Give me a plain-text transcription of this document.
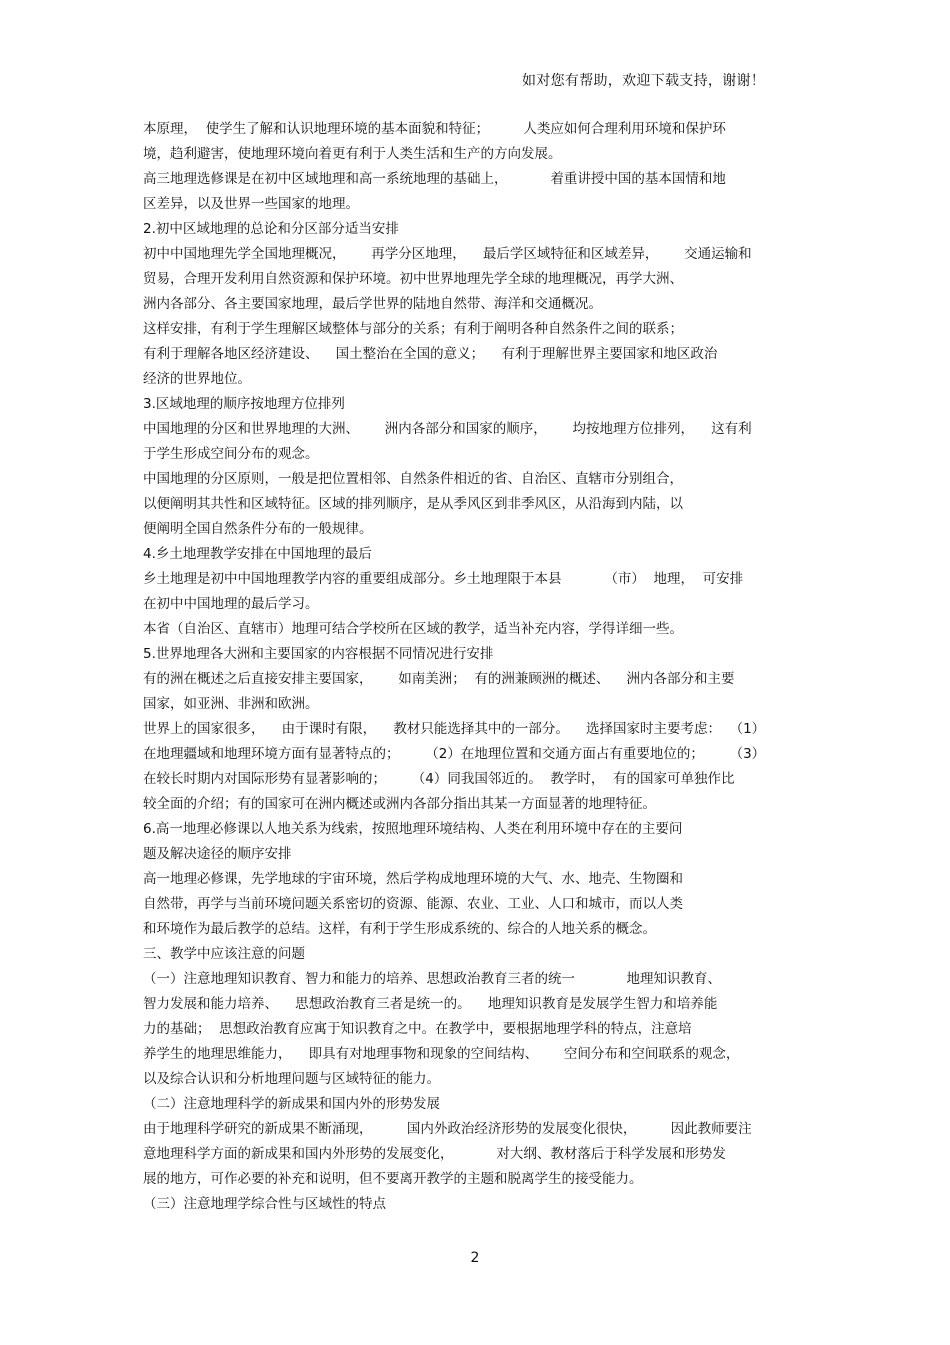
如对您有帮助，欢迎下载支持，谢谢！
本原理，  使学生了解和认识地理环境的基本面貌和特征；        人类应如何合理利用环境和保护环
境，趋利避害，使地理环境向着更有利于人类生活和生产的方向发展。
高三地理选修课是在初中区域地理和高一系统地理的基础上，          着重讲授中国的基本国情和地
区差异，以及世界一些国家的地理。
2.初中区域地理的总论和分区部分适当安排
初中中国地理先学全国地理概况，      再学分区地理，    最后学区域特征和区域差异，      交通运输和
贸易，合理开发利用自然资源和保护环境。初中世界地理先学全球的地理概况，再学大洲、
洲内各部分、各主要国家地理，最后学世界的陆地自然带、海洋和交通概况。
这样安排，有利于学生理解区域整体与部分的关系；有利于阐明各种自然条件之间的联系；
有利于理解各地区经济建设、    国土整治在全国的意义；    有利于理解世界主要国家和地区政治
经济的世界地位。
3.区域地理的顺序按地理方位排列
中国地理的分区和世界地理的大洲、      洲内各部分和国家的顺序，      均按地理方位排列，    这有利
于学生形成空间分布的观念。
中国地理的分区原则，一般是把位置相邻、自然条件相近的省、自治区、直辖市分别组合，
以便阐明其共性和区域特征。区域的排列顺序，是从季风区到非季风区，从沿海到内陆，以
便阐明全国自然条件分布的一般规律。
4.乡土地理教学安排在中国地理的最后
乡土地理是初中中国地理教学内容的重要组成部分。乡土地理限于本县          （市）  地理，  可安排
在初中中国地理的最后学习。
本省（自治区、直辖市）地理可结合学校所在区域的教学，适当补充内容，学得详细一些。
5.世界地理各大洲和主要国家的内容根据不同情况进行安排
有的洲在概述之后直接安排主要国家，      如南美洲；  有的洲兼顾洲的概述、    洲内各部分和主要
国家，如亚洲、非洲和欧洲。
世界上的国家很多，    由于课时有限，    教材只能选择其中的一部分。    选择国家时主要考虑：  （1）
在地理疆域和地理环境方面有显著特点的；      （2）在地理位置和交通方面占有重要地位的；      （3）
在较长时期内对国际形势有显著影响的；      （4）同我国邻近的。  教学时，  有的国家可单独作比
较全面的介绍；有的国家可在洲内概述或洲内各部分指出其某一方面显著的地理特征。
6.高一地理必修课以人地关系为线索，按照地理环境结构、人类在利用环境中存在的主要问
题及解决途径的顺序安排
高一地理必修课，先学地球的宇宙环境，然后学构成地理环境的大气、水、地壳、生物圈和
自然带，再学与当前环境问题关系密切的资源、能源、农业、工业、人口和城市，而以人类
和环境作为最后教学的总结。这样，有利于学生形成系统的、综合的人地关系的概念。
三、教学中应该注意的问题
（一）注意地理知识教育、智力和能力的培养、思想政治教育三者的统一            地理知识教育、
智力发展和能力培养、    思想政治教育三者是统一的。    地理知识教育是发展学生智力和培养能
力的基础；  思想政治教育应寓于知识教育之中。在教学中，要根据地理学科的特点，注意培
养学生的地理思维能力，    即具有对地理事物和现象的空间结构、      空间分布和空间联系的观念，
以及综合认识和分析地理问题与区域特征的能力。
（二）注意地理科学的新成果和国内外的形势发展
由于地理科学研究的新成果不断涌现，        国内外政治经济形势的发展变化很快，        因此教师要注
意地理科学方面的新成果和国内外形势的发展变化，          对大纲、教材落后于科学发展和形势发
展的地方，可作必要的补充和说明，但不要离开教学的主题和脱离学生的接受能力。
（三）注意地理学综合性与区域性的特点
2
